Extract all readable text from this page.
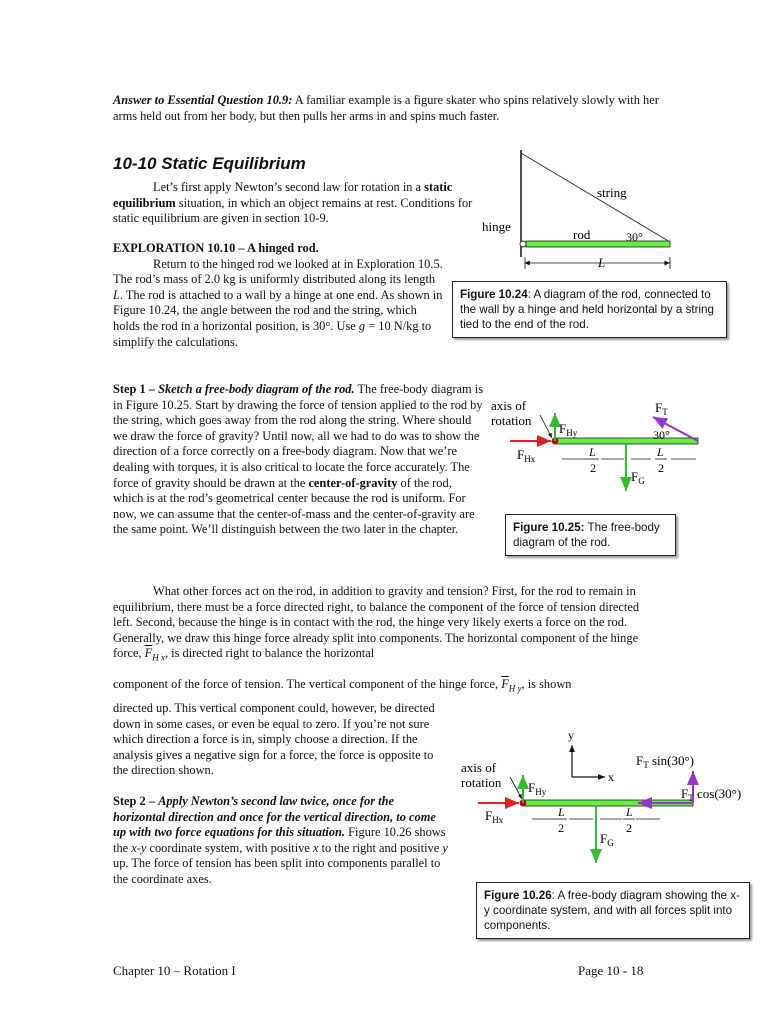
Answer to Essential Question 10.9: A familiar example is a figure skater who spins relatively slowly with her arms held out from her body, but then pulls her arms in and spins much faster.
10-10 Static Equilibrium
Let’s first apply Newton’s second law for rotation in a static equilibrium situation, in which an object remains at rest. Conditions for static equilibrium are given in section 10-9.
EXPLORATION 10.10 – A hinged rod.
Return to the hinged rod we looked at in Exploration 10.5. The rod’s mass of 2.0 kg is uniformly distributed along its length L. The rod is attached to a wall by a hinge at one end. As shown in Figure 10.24, the angle between the rod and the string, which holds the rod in a horizontal position, is 30°. Use g = 10 N/kg to simplify the calculations.
Step 1 – Sketch a free-body diagram of the rod. The free-body diagram is in Figure 10.25. Start by drawing the force of tension applied to the rod by the string, which goes away from the rod along the string. Where should we draw the force of gravity? Until now, all we had to do was to show the direction of a force correctly on a free-body diagram. Now that we’re dealing with torques, it is also critical to locate the force accurately. The force of gravity should be drawn at the center-of-gravity of the rod, which is at the rod’s geometrical center because the rod is uniform. For now, we can assume that the center-of-mass and the center-of-gravity are the same point. We’ll distinguish between the two later in the chapter.
What other forces act on the rod, in addition to gravity and tension? First, for the rod to remain in equilibrium, there must be a force directed right, to balance the component of the force of tension directed left. Second, because the hinge is in contact with the rod, the hinge very likely exerts a force on the rod. Generally, we draw this hinge force already split into components. The horizontal component of the hinge force, $\overline{F}_{H x}$, is directed right to balance the horizontal
component of the force of tension. The vertical component of the hinge force, $\overline{F}_{H y}$, is shown
directed up. This vertical component could, however, be directed down in some cases, or even be equal to zero. If you’re not sure which direction a force is in, simply choose a direction. If the analysis gives a negative sign for a force, the force is opposite to the direction shown.
Step 2 – Apply Newton’s second law twice, once for the horizontal direction and once for the vertical direction, to come up with two force equations for this situation. Figure 10.26 shows the x-y coordinate system, with positive x to the right and positive y up. The force of tension has been split into components parallel to the coordinate axes.
hinge
rod
string
30°
L
Figure 10.24: A diagram of the rod, connected to the wall by a hinge and held horizontal by a string tied to the end of the rod.
axis of
rotation
$F_{Hy}$
$F_{Hx}$
$F_G$
$F_T$
30°
L
2
L
2
Figure 10.25: The free-body diagram of the rod.
y
x
axis of
rotation $F_{Hy}$
$F_{Hx}$
$F_G$
$F_T$ sin(30°)
$F_T$ cos(30°)
L
2
L
2
Figure 10.26: A free-body diagram showing the x-y coordinate system, and with all forces split into components.
Chapter 10 – Rotation I	Page 10 - 18
